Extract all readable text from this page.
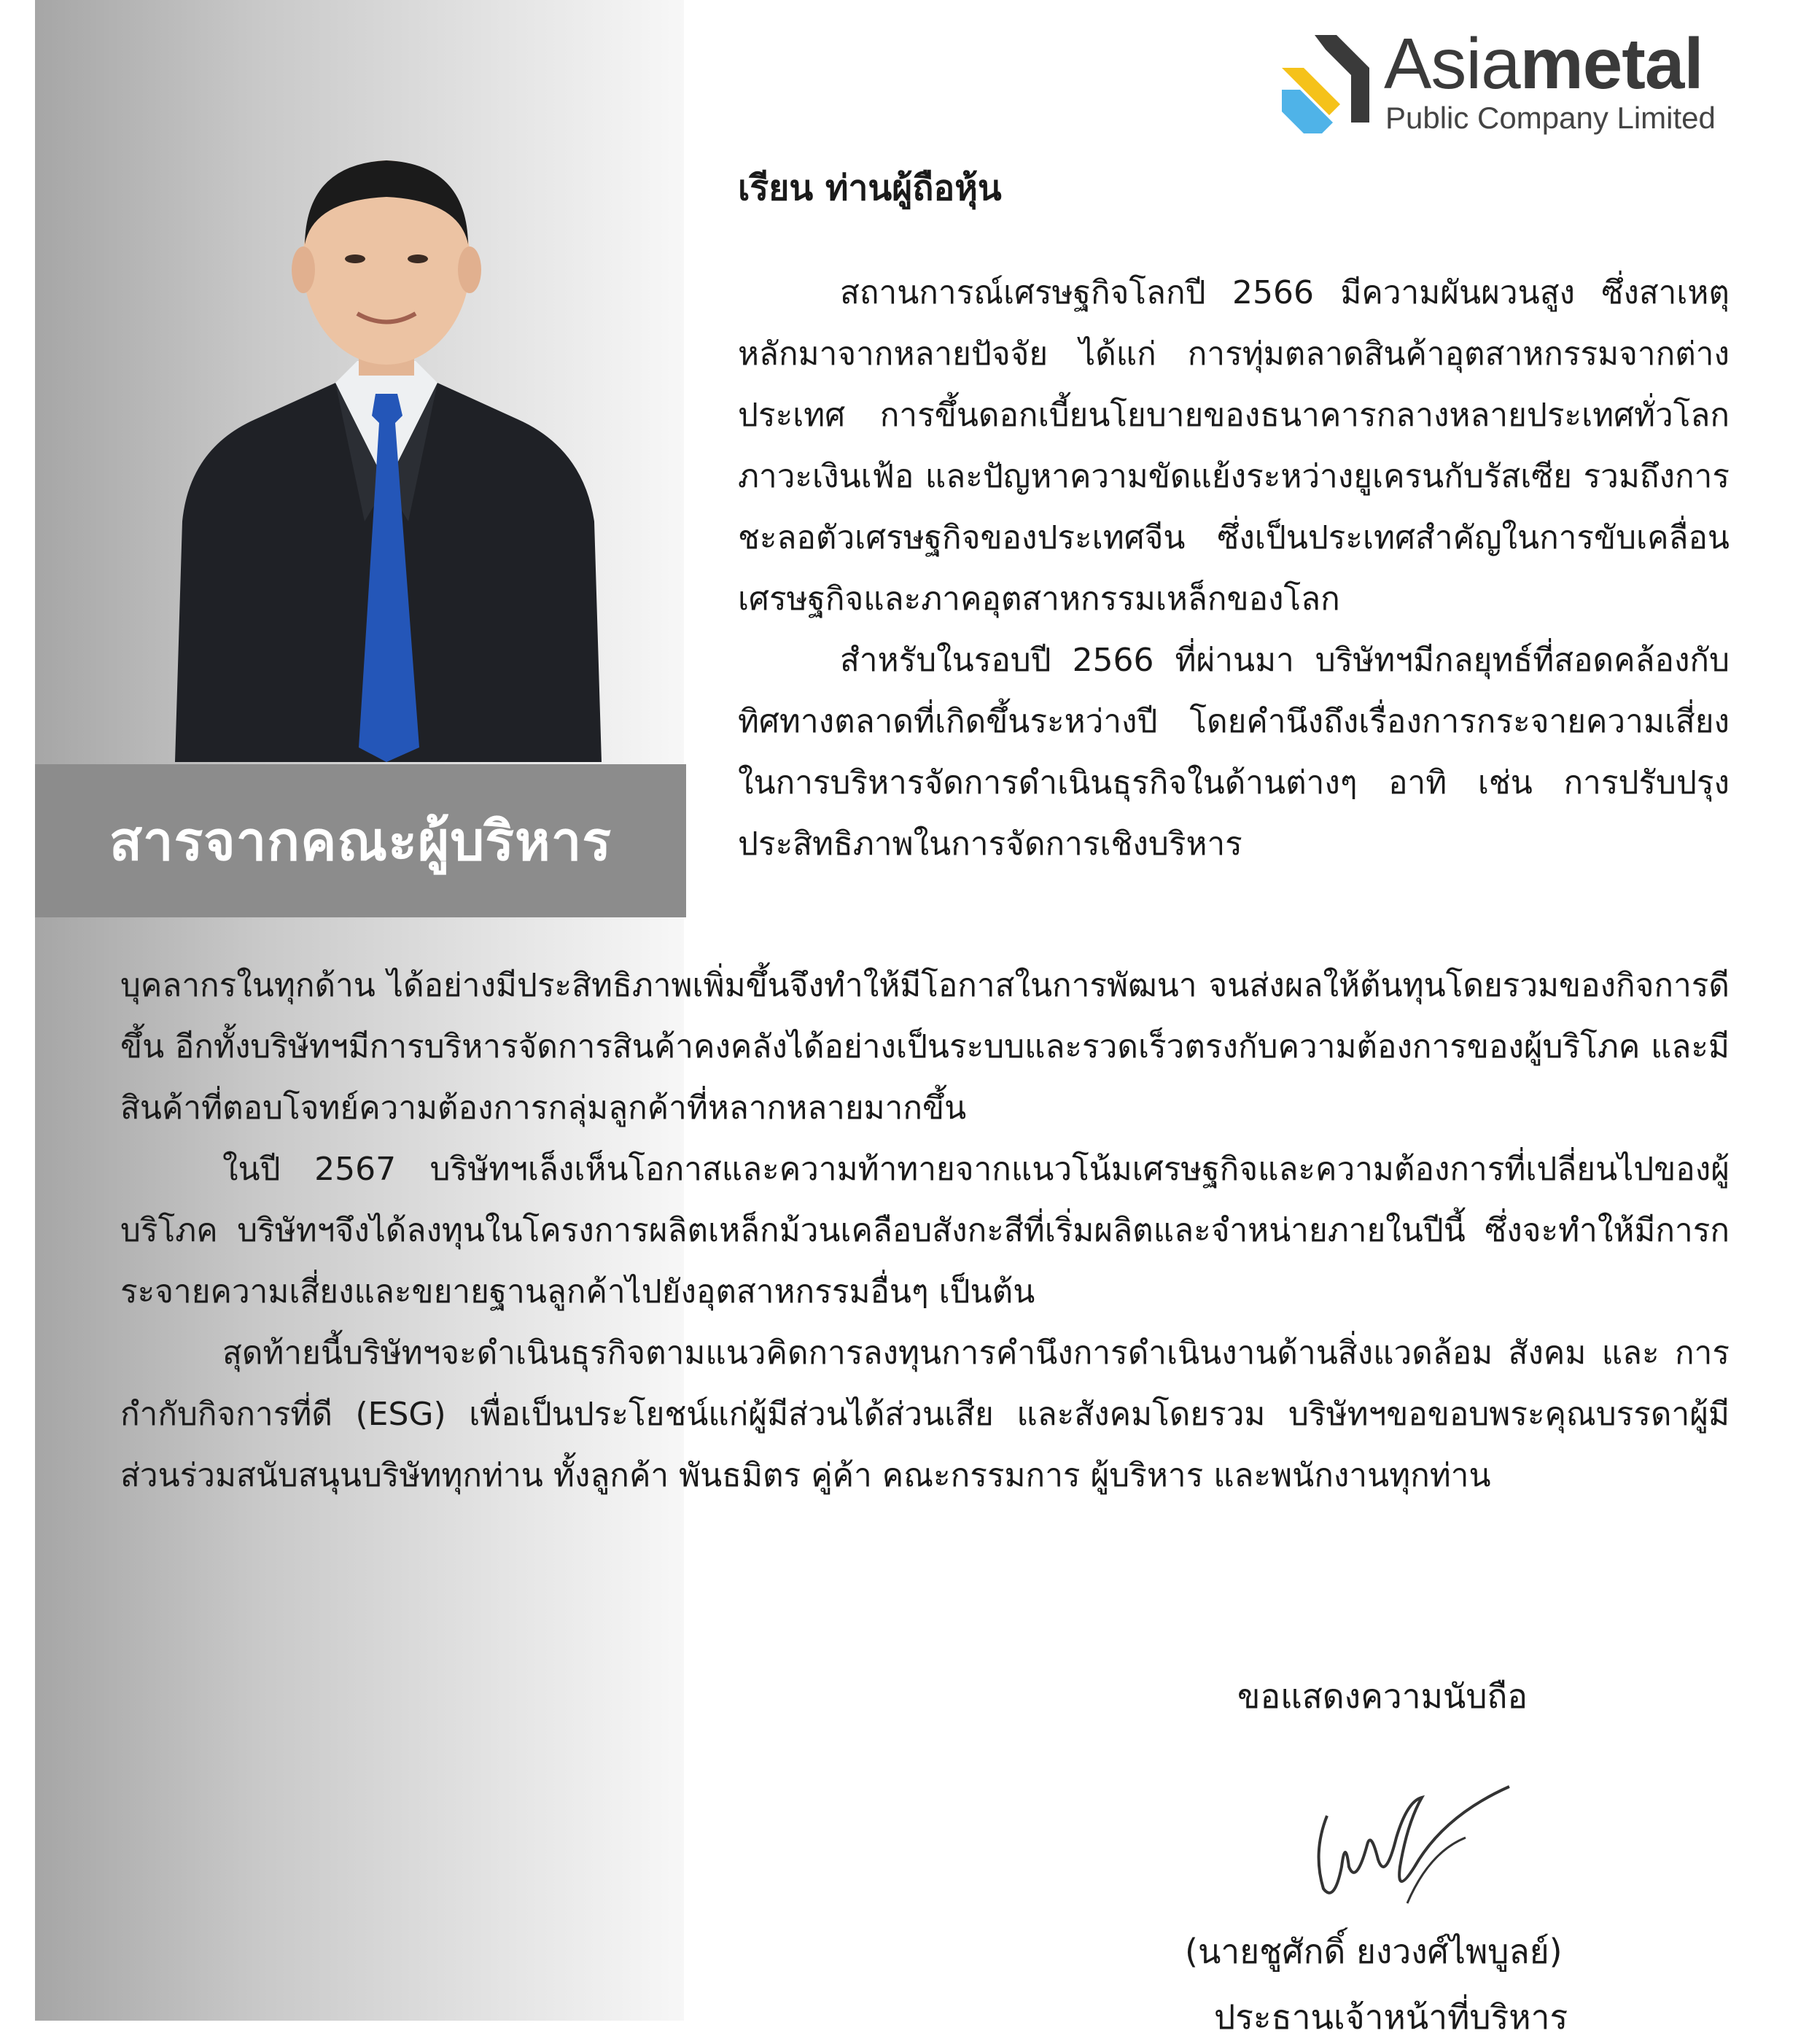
สารจากคณะผู้บริหาร
Asiametal
Public Company Limited
เรียน ท่านผู้ถือหุ้น

สถานการณ์เศรษฐกิจโลกปี 2566 มีความผันผวนสูง ซึ่งสาเหตุหลักมาจากหลายปัจจัย ได้แก่ การทุ่มตลาดสินค้าอุตสาหกรรมจากต่างประเทศ การขึ้นดอกเบี้ยนโยบายของธนาคารกลางหลายประเทศทั่วโลก ภาวะเงินเฟ้อ และปัญหาความขัดแย้งระหว่างยูเครนกับรัสเซีย รวมถึงการชะลอตัวเศรษฐกิจของประเทศจีน ซึ่งเป็นประเทศสำคัญในการขับเคลื่อนเศรษฐกิจและภาคอุตสาหกรรมเหล็กของโลก

สำหรับในรอบปี 2566 ที่ผ่านมา บริษัทฯมีกลยุทธ์ที่สอดคล้องกับทิศทางตลาดที่เกิดขึ้นระหว่างปี โดยคำนึงถึงเรื่องการกระจายความเสี่ยงในการบริหารจัดการดำเนินธุรกิจในด้านต่างๆ อาทิ เช่น การปรับปรุงประสิทธิภาพในการจัดการเชิงบริหาร

บุคลากรในทุกด้าน ได้อย่างมีประสิทธิภาพเพิ่มขึ้นจึงทำให้มีโอกาสในการพัฒนา จนส่งผลให้ต้นทุนโดยรวมของกิจการดีขึ้น อีกทั้งบริษัทฯมีการบริหารจัดการสินค้าคงคลังได้อย่างเป็นระบบและรวดเร็วตรงกับความต้องการของผู้บริโภค และมีสินค้าที่ตอบโจทย์ความต้องการกลุ่มลูกค้าที่หลากหลายมากขึ้น

ในปี 2567 บริษัทฯเล็งเห็นโอกาสและความท้าทายจากแนวโน้มเศรษฐกิจและความต้องการที่เปลี่ยนไปของผู้บริโภค บริษัทฯจึงได้ลงทุนในโครงการผลิตเหล็กม้วนเคลือบสังกะสีที่เริ่มผลิตและจำหน่ายภายในปีนี้ ซึ่งจะทำให้มีการกระจายความเสี่ยงและขยายฐานลูกค้าไปยังอุตสาหกรรมอื่นๆ เป็นต้น

สุดท้ายนี้บริษัทฯจะดำเนินธุรกิจตามแนวคิดการลงทุนการคำนึงการดำเนินงานด้านสิ่งแวดล้อม สังคม และ การกำกับกิจการที่ดี (ESG) เพื่อเป็นประโยชน์แก่ผู้มีส่วนได้ส่วนเสีย และสังคมโดยรวม บริษัทฯขอขอบพระคุณบรรดาผู้มีส่วนร่วมสนับสนุนบริษัททุกท่าน ทั้งลูกค้า พันธมิตร คู่ค้า คณะกรรมการ ผู้บริหาร และพนักงานทุกท่าน

ขอแสดงความนับถือ
(นายชูศักดิ์ ยงวงศ์ไพบูลย์)
ประธานเจ้าหน้าที่บริหาร
